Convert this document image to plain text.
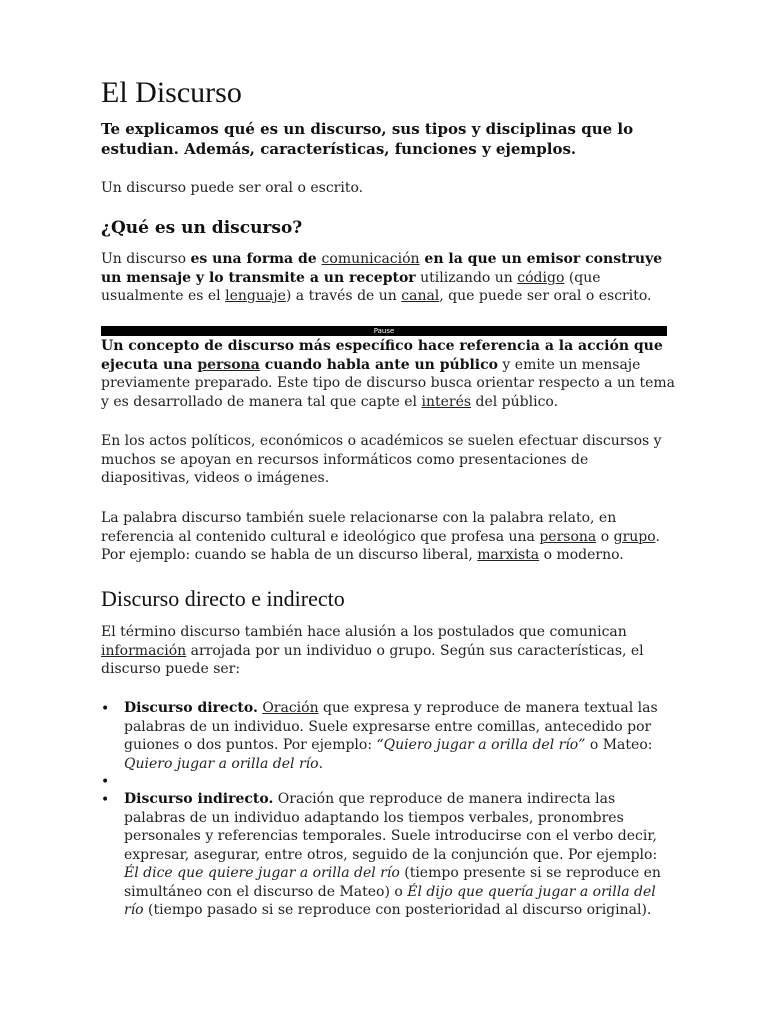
El Discurso

Te explicamos qué es un discurso, sus tipos y disciplinas que lo estudian. Además, características, funciones y ejemplos.

Un discurso puede ser oral o escrito.

¿Qué es un discurso?

Un discurso es una forma de comunicación en la que un emisor construye un mensaje y lo transmite a un receptor utilizando un código (que usualmente es el lenguaje) a través de un canal, que puede ser oral o escrito.

Pause

Un concepto de discurso más específico hace referencia a la acción que ejecuta una persona cuando habla ante un público y emite un mensaje previamente preparado. Este tipo de discurso busca orientar respecto a un tema y es desarrollado de manera tal que capte el interés del público.

En los actos políticos, económicos o académicos se suelen efectuar discursos y muchos se apoyan en recursos informáticos como presentaciones de diapositivas, videos o imágenes.

La palabra discurso también suele relacionarse con la palabra relato, en referencia al contenido cultural e ideológico que profesa una persona o grupo. Por ejemplo: cuando se habla de un discurso liberal, marxista o moderno.

Discurso directo e indirecto

El término discurso también hace alusión a los postulados que comunican información arrojada por un individuo o grupo. Según sus características, el discurso puede ser:

• Discurso directo. Oración que expresa y reproduce de manera textual las palabras de un individuo. Suele expresarse entre comillas, antecedido por guiones o dos puntos. Por ejemplo: “Quiero jugar a orilla del río” o Mateo: Quiero jugar a orilla del río.

•
• Discurso indirecto. Oración que reproduce de manera indirecta las palabras de un individuo adaptando los tiempos verbales, pronombres personales y referencias temporales. Suele introducirse con el verbo decir, expresar, asegurar, entre otros, seguido de la conjunción que. Por ejemplo: Él dice que quiere jugar a orilla del río (tiempo presente si se reproduce en simultáneo con el discurso de Mateo) o Él dijo que quería jugar a orilla del río (tiempo pasado si se reproduce con posterioridad al discurso original).
